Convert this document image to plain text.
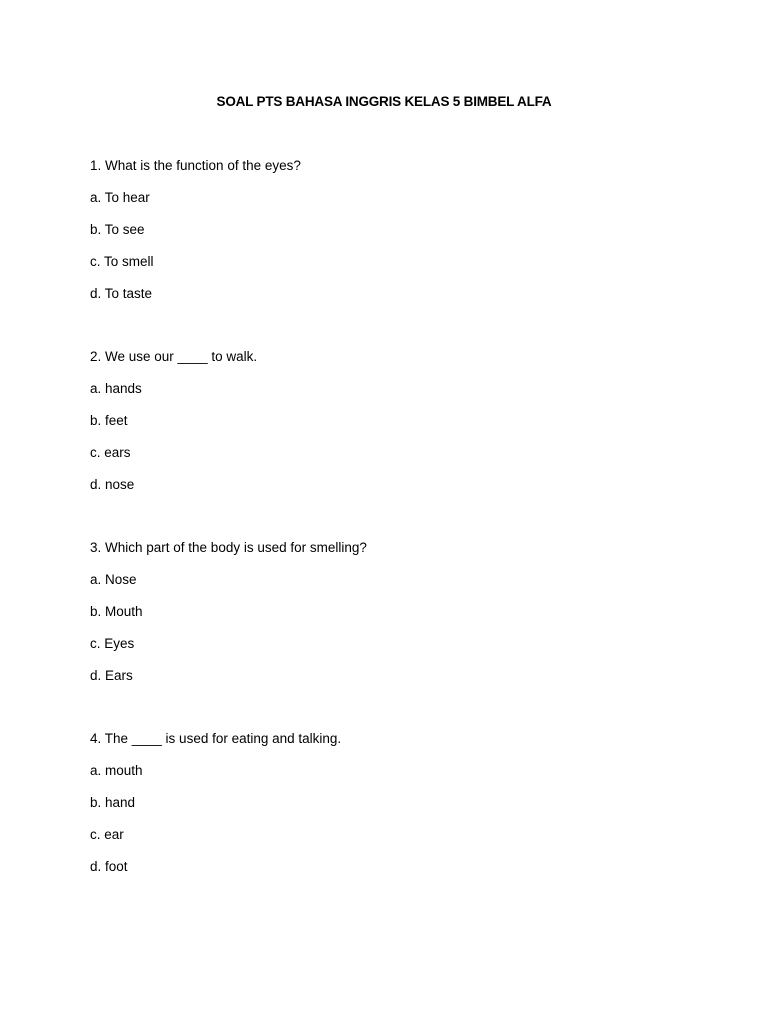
SOAL PTS BAHASA INGGRIS KELAS 5 BIMBEL ALFA
1. What is the function of the eyes?
a. To hear
b. To see
c. To smell
d. To taste
2. We use our ____ to walk.
a. hands
b. feet
c. ears
d. nose
3. Which part of the body is used for smelling?
a. Nose
b. Mouth
c. Eyes
d. Ears
4. The ____ is used for eating and talking.
a. mouth
b. hand
c. ear
d. foot
